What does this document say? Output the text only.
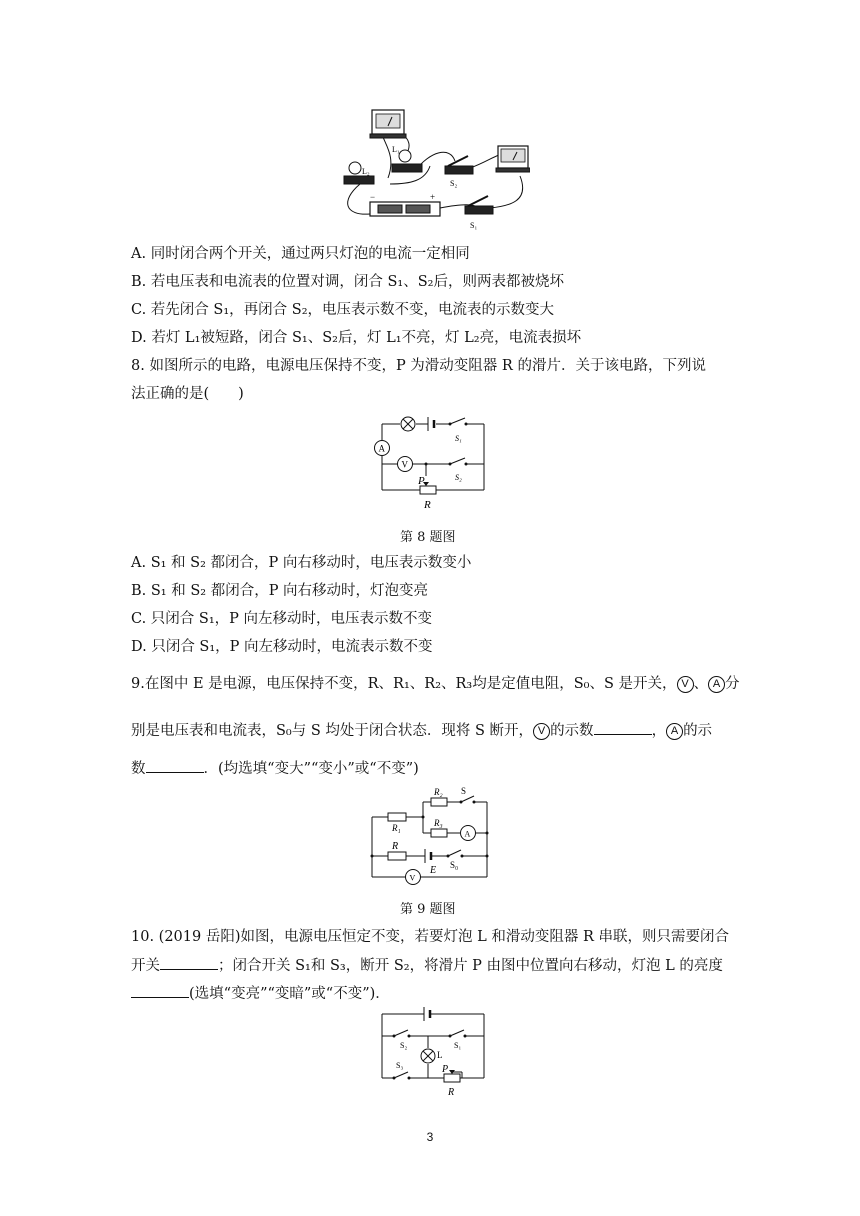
L₂
L₁
S₂
S₁
+
−
A. 同时闭合两个开关，通过两只灯泡的电流一定相同
B. 若电压表和电流表的位置对调，闭合 S₁、S₂后，则两表都被烧坏
C. 若先闭合 S₁，再闭合 S₂，电压表示数不变，电流表的示数变大
D. 若灯 L₁被短路，闭合 S₁、S₂后，灯 L₁不亮，灯 L₂亮，电流表损坏
8. 如图所示的电路，电源电压保持不变，P 为滑动变阻器 R 的滑片．关于该电路，下列说
法正确的是(　　)
A
V
S₁
S₂
P
R
第 8 题图
A. S₁ 和 S₂ 都闭合，P 向右移动时，电压表示数变小
B. S₁ 和 S₂ 都闭合，P 向右移动时，灯泡变亮
C. 只闭合 S₁，P 向左移动时，电压表示数不变
D. 只闭合 S₁，P 向左移动时，电流表示数不变
9.在图中 E 是电源，电压保持不变，R、R₁、R₂、R₃均是定值电阻，S₀、S 是开关， V 、 A 分
别是电压表和电流表，S₀与 S 均处于闭合状态．现将 S 断开， V 的示数	， A 的示
数	．(均选填“变大”“变小”或“不变”)
R₂ S
R₁	R₃
A
R
S₀
V
E
第 9 题图
10. (2019 岳阳)如图，电源电压恒定不变，若要灯泡 L 和滑动变阻器 R 串联，则只需要闭合
开关	；闭合开关 S₁和 S₃，断开 S₂，将滑片 P 由图中位置向右移动，灯泡 L 的亮度
(选填“变亮”“变暗”或“不变”)．
S₂	S₁
S₃
L
P
R
3
